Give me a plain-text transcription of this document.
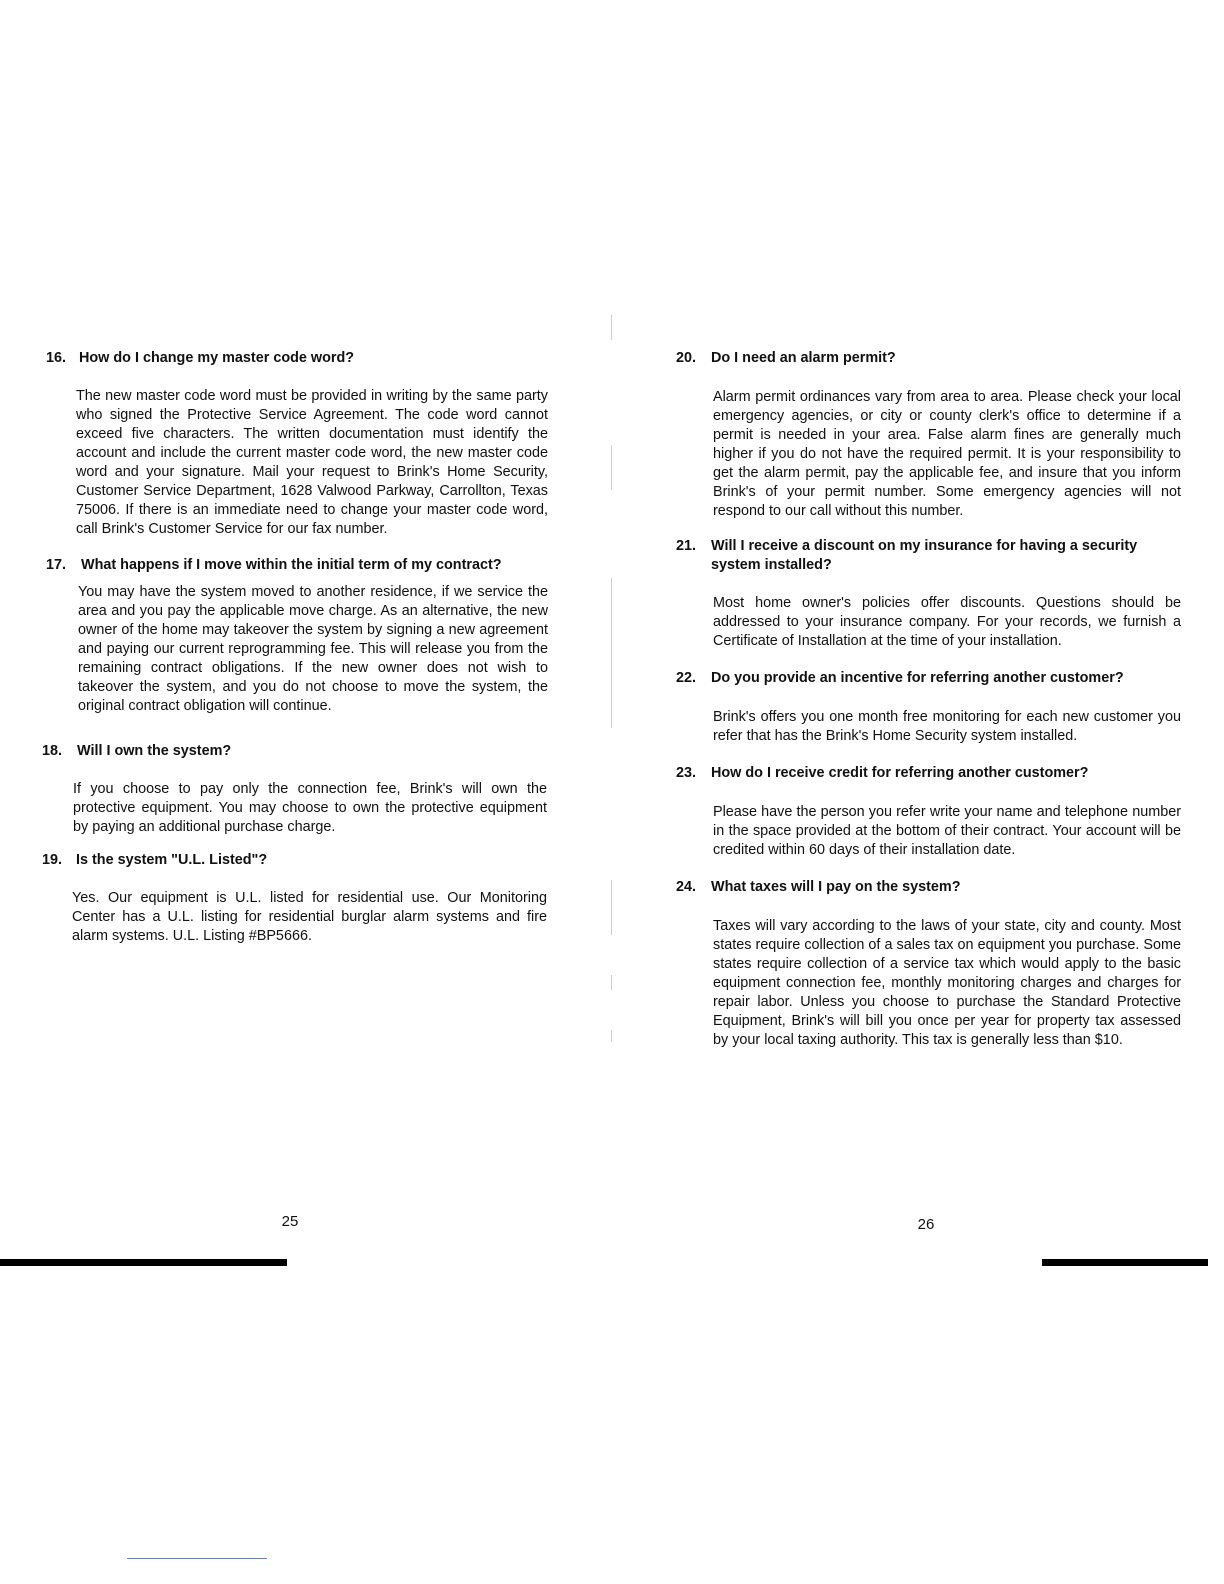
16. How do I change my master code word?

The new master code word must be provided in writing by the same party who signed the Protective Service Agreement. The code word cannot exceed five characters. The written documentation must identify the account and include the current master code word, the new master code word and your signature. Mail your request to Brink's Home Security, Customer Service Department, 1628 Valwood Parkway, Carrollton, Texas 75006. If there is an immediate need to change your master code word, call Brink's Customer Service for our fax number.

17.	What happens if I move within the initial term of my contract?

You may have the system moved to another residence, if we service the area and you pay the applicable move charge. As an alternative, the new owner of the home may takeover the system by signing a new agreement and paying our current reprogramming fee. This will release you from the remaining contract obligations. If the new owner does not wish to takeover the system, and you do not choose to move the system, the original contract obligation will continue.

18.	Will I own the system?

If you choose to pay only the connection fee, Brink's will own the protective equipment. You may choose to own the protective equipment by paying an additional purchase charge.

19. Is the system "U.L. Listed"?

Yes. Our equipment is U.L. listed for residential use. Our Monitoring Center has a U.L. listing for residential burglar alarm systems and fire alarm systems. U.L. Listing #BP5666.

25
20.	Do I need an alarm permit?

Alarm permit ordinances vary from area to area. Please check your local emergency agencies, or city or county clerk's office to determine if a permit is needed in your area. False alarm fines are generally much higher if you do not have the required permit. It is your responsibility to get the alarm permit, pay the applicable fee, and insure that you inform Brink's of your permit number. Some emergency agencies will not respond to our call without this number.

21.	Will I receive a discount on my insurance for having a security system installed?

Most home owner's policies offer discounts. Questions should be addressed to your insurance company. For your records, we furnish a Certificate of Installation at the time of your installation.

22.	Do you provide an incentive for referring another customer?

Brink's offers you one month free monitoring for each new customer you refer that has the Brink's Home Security system installed.

23.	How do I receive credit for referring another customer?

Please have the person you refer write your name and telephone number in the space provided at the bottom of their contract. Your account will be credited within 60 days of their installation date.

24.	What taxes will I pay on the system?

Taxes will vary according to the laws of your state, city and county. Most states require collection of a sales tax on equipment you purchase. Some states require collection of a service tax which would apply to the basic equipment connection fee, monthly monitoring charges and charges for repair labor. Unless you choose to purchase the Standard Protective Equipment, Brink's will bill you once per year for property tax assessed by your local taxing authority. This tax is generally less than $10.

26
